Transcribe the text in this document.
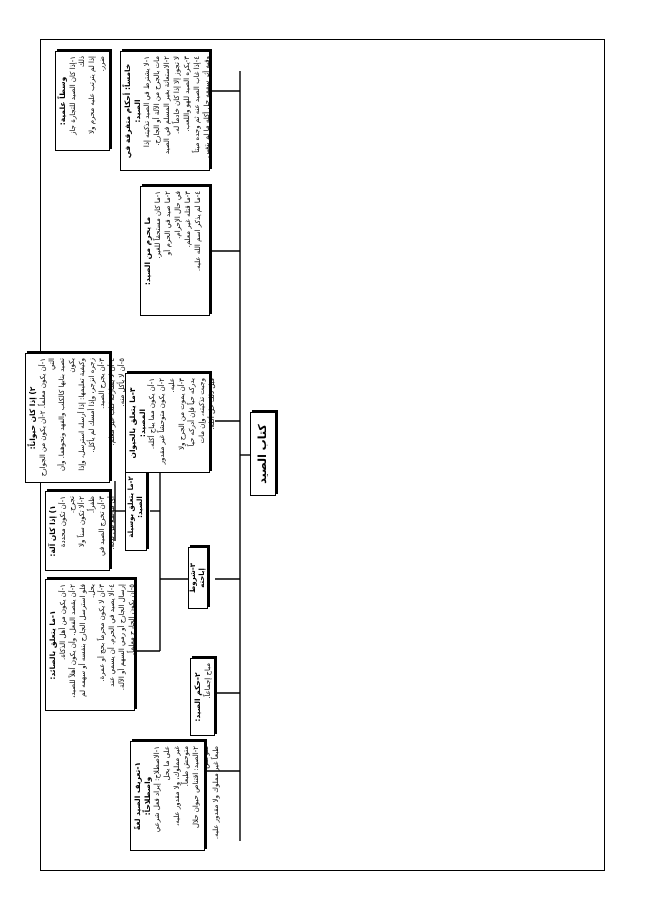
كتاب الصيد
١-تعريف الصيد لغةً واصطلاحاً: ١-الاصطلاح: إيراد فعل شرعي على ما يحل غير مملوك، ولا مقدور عليه، متوحش طبعاً. ٢-الصيد: اقتناص حيوان حلال متوحش طبعاً غير مملوك ولا مقدور عليه.
٢-حكم الصيد: مباح إجماعاً.
٣-شروط إباحته
١-ما يتعلق بالصائد: ١-أن يكون من أهل الذكاة.
٢-أن يقصد الفعل. وأن يكون أهلاً للصيد، فلو استرسل الجارح بنفسه أو سهمه لم يحل. ٣-أن لا يكون محرماً بحج أو عمرة.
٤-ألا يصيد في الحرم. أن يسمي عند إرسال الجارح أو رمي السهم أو الآلة. ٥-أن يكون الجارح معلماً.
٢-ما يتعلق بوسيلة الصيد:
١) إذا كان آلة: ١-أن تكون محددة تجرح. ٢-ألا تكون سناً ولا ظفراً. ٣-أن تخرج الصيد في أي موضع من بدنه.
٢) إذا كان حيواناً:
١-أن يكون معلماً. ٢-أن يكون من الجوارح التي تصيد بنابها كالكلب والفهد ونحوهما. وأن يكون وكيفية تعليمها: إذا أرسله استرسل، وإذا زجره انزجر، وإذا أمسك لم يأكل. ٣-أن يجرح الصيد.
٤-أن لا يشاركه كلب غير معلم.
٥-أن لا يأكل منه.
٣-ما يتعلق بالحيوان المصيد: ١-أن يكون مما يباح أكله.
٢-أن يكون متوحشاً غير مقدور عليه. ٣-أن يموت من الجرح ولا يدركه حياً فإن أدركه حياً وجبت تذكيته، وإن مات قبل ذلك حل أكله.
ما يحرم من الصيد: ١-ما كان مستحقاً للغير.
٢-ما صيد في الحرم أو في حال الإحرام. ٣-ما قتله غير معلم.
٤-ما لم يذكر اسم الله عليه.
خامساً: أحكام متفرقة في الصيد: ١-لا يشترط في الصيد تذكيته إذا مات بالجرح من الآلة أو الجارح. ٢-الاستعانة بغير المسلم في الصيد لا تجوز إلا إذا كان خادماً له. ٣-يكره الصيد للهو واللعب.
٤-إذا غاب الصيد عنه ثم وجده ميتاً وفيه أثر سهمه حل أكله ما لم يتغير.
وسطاً علمية: ١-إذا كان الصيد للتجارة جاز ذلك إذا لم يترتب عليه محرم ولا ضرر.
